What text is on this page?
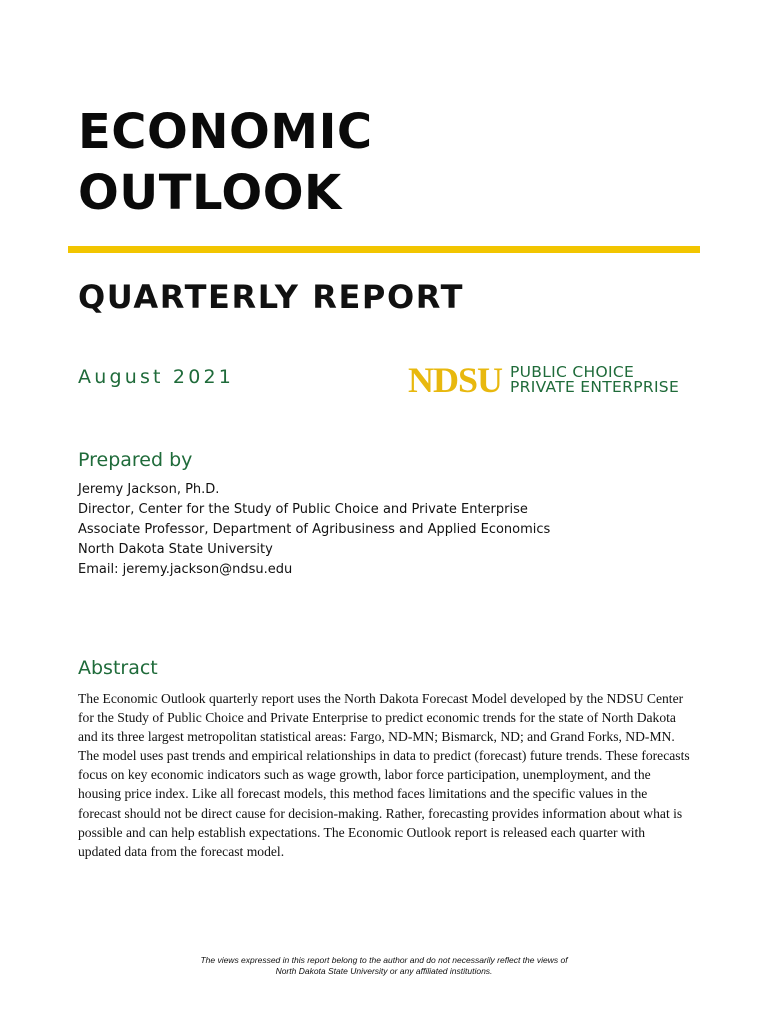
ECONOMIC
OUTLOOK
QUARTERLY REPORT
August 2021	NDSU PUBLIC CHOICE
PRIVATE ENTERPRISE
Prepared by
Jeremy Jackson, Ph.D.
Director, Center for the Study of Public Choice and Private Enterprise
Associate Professor, Department of Agribusiness and Applied Economics
North Dakota State University
Email: jeremy.jackson@ndsu.edu
Abstract

The Economic Outlook quarterly report uses the North Dakota Forecast Model developed by the NDSU Center for the Study of Public Choice and Private Enterprise to predict economic trends for the state of North Dakota and its three largest metropolitan statistical areas: Fargo, ND-MN; Bismarck, ND; and Grand Forks, ND-MN. The model uses past trends and empirical relationships in data to predict (forecast) future trends. These forecasts focus on key economic indicators such as wage growth, labor force participation, unemployment, and the housing price index. Like all forecast models, this method faces limitations and the specific values in the forecast should not be direct cause for decision-making. Rather, forecasting provides information about what is possible and can help establish expectations. The Economic Outlook report is released each quarter with updated data from the forecast model.

The views expressed in this report belong to the author and do not necessarily reflect the views of
North Dakota State University or any affiliated institutions.
